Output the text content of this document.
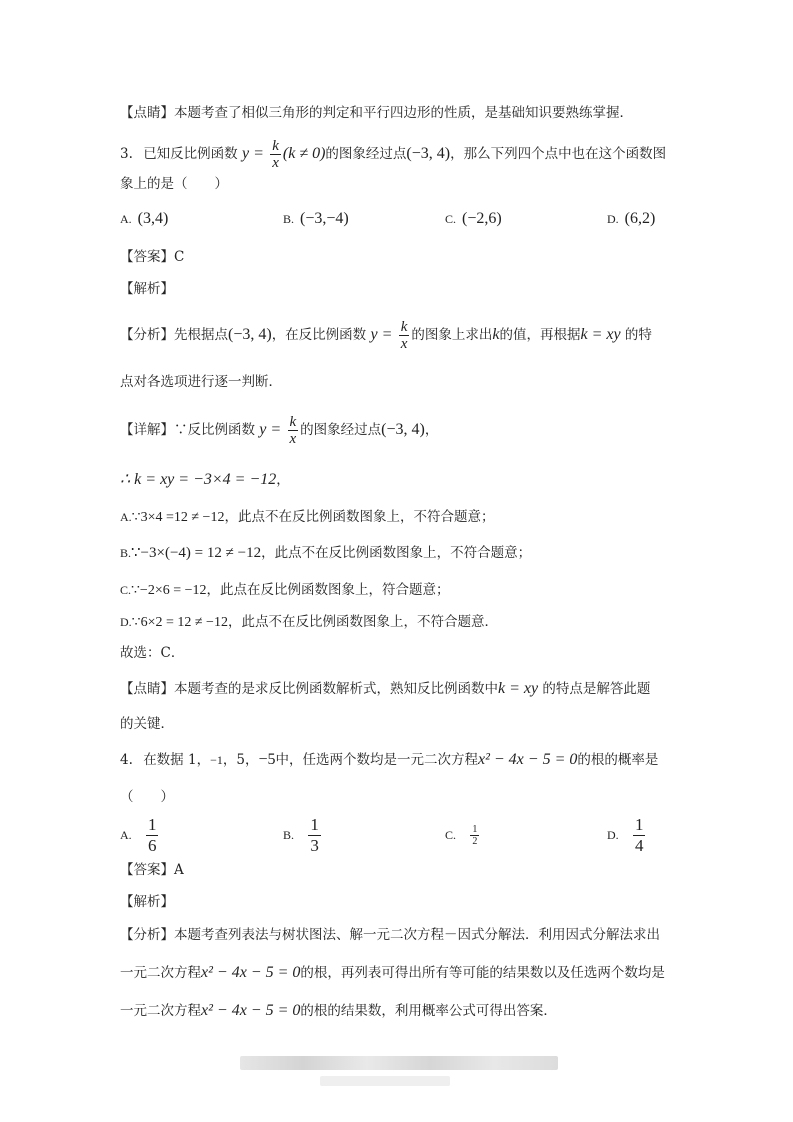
【点睛】本题考查了相似三角形的判定和平行四边形的性质，是基础知识要熟练掌握．
3. 已知反比例函数 $y = \frac{k}{x} (k \ne 0)$的图象经过点(−3, 4)，那么下列四个点中也在这个函数图
象上的是（　　）
A. (3,4)	B. (−3,−4)	C. (−2,6)	D. (6,2)
【答案】C
【解析】
【分析】先根据点(−3, 4)，在反比例函数 $y = \frac{k}{x}$ 的图象上求出k的值，再根据k = xy 的特
点对各选项进行逐一判断．
【详解】∵反比例函数 $y = \frac{k}{x}$ 的图象经过点(−3, 4)，
∴ k = xy = −3×4 = −12，
A.∵3×4 =12 ≠ −12，此点不在反比例函数图象上，不符合题意；
B.∵−3×(−4) = 12 ≠ −12，此点不在反比例函数图象上，不符合题意；
C.∵−2×6 = −12，此点在反比例函数图象上，符合题意；
D.∵6×2 = 12 ≠ −12，此点不在反比例函数图象上，不符合题意．
故选：C．
【点睛】本题考查的是求反比例函数解析式，熟知反比例函数中k = xy 的特点是解答此题
的关键．
4. 在数据 1，−1，5，−5中，任选两个数均是一元二次方程x² − 4x − 5 = 0的根的概率是
（　　）
A. $\frac{1}{6}$	B. $\frac{1}{3}$	C. $\frac{1}{2}$	D. $\frac{1}{4}$
【答案】A
【解析】
【分析】本题考查列表法与树状图法、解一元二次方程－因式分解法．利用因式分解法求出
一元二次方程x² − 4x − 5 = 0的根，再列表可得出所有等可能的结果数以及任选两个数均是
一元二次方程x² − 4x − 5 = 0的根的结果数，利用概率公式可得出答案．
